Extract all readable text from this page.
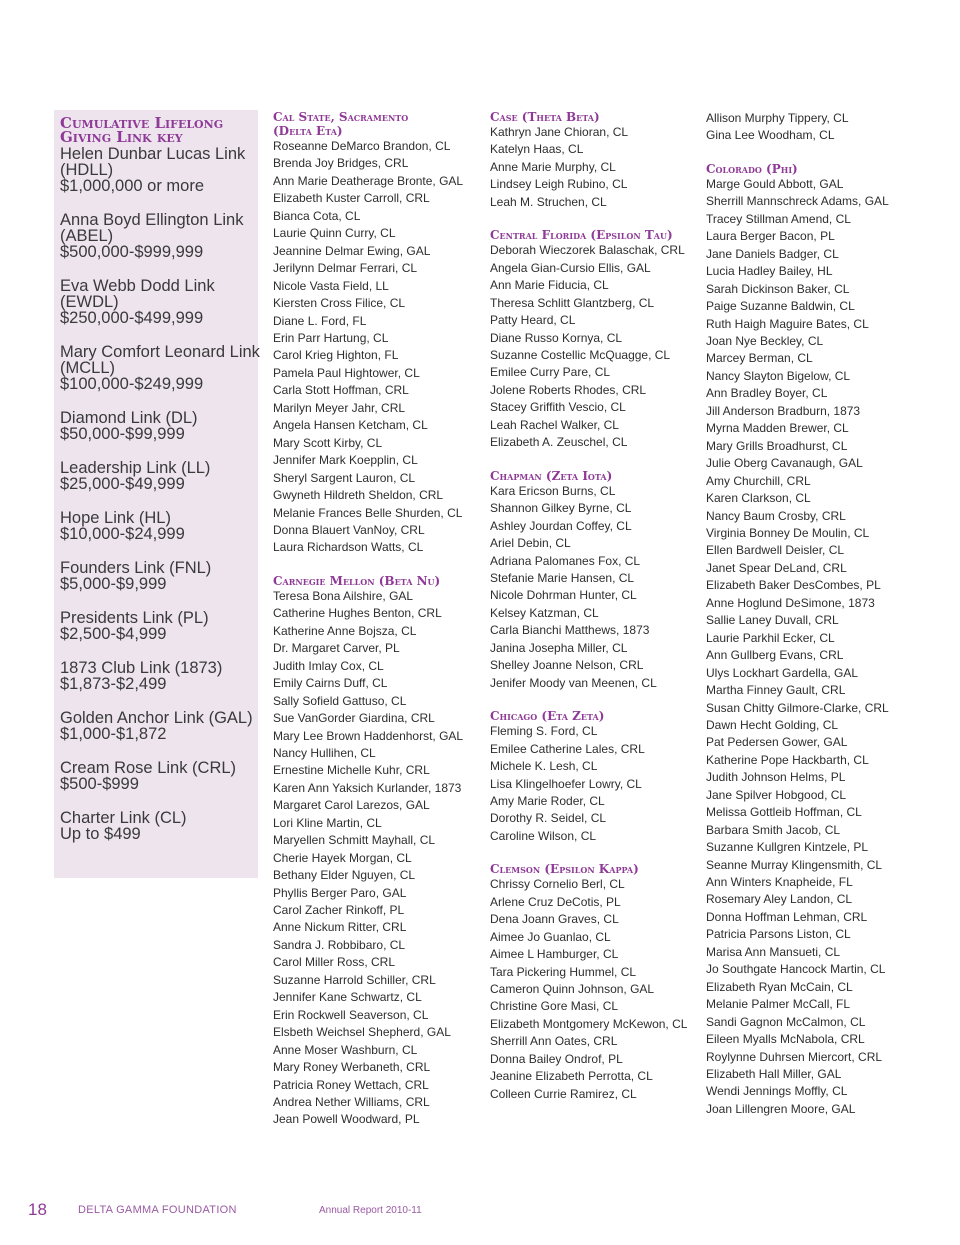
Cumulative Lifelong
Giving Link key
Helen Dunbar Lucas Link
(HDLL)
$1,000,000 or more
Anna Boyd Ellington Link
(ABEL)
$500,000-$999,999
Eva Webb Dodd Link
(EWDL)
$250,000-$499,999
Mary Comfort Leonard Link
(MCLL)
$100,000-$249,999
Diamond Link (DL)
$50,000-$99,999
Leadership Link (LL)
$25,000-$49,999
Hope Link (HL)
$10,000-$24,999
Founders Link (FNL)
$5,000-$9,999
Presidents Link (PL)
$2,500-$4,999
1873 Club Link (1873)
$1,873-$2,499
Golden Anchor Link (GAL)
$1,000-$1,872
Cream Rose Link (CRL)
$500-$999
Charter Link (CL)
Up to $499
Cal State, Sacramento
(Delta Eta)
Roseanne DeMarco Brandon, CL
Brenda Joy Bridges, CRL
Ann Marie Deatherage Bronte, GAL
Elizabeth Kuster Carroll, CRL
Bianca Cota, CL
Laurie Quinn Curry, CL
Jeannine Delmar Ewing, GAL
Jerilynn Delmar Ferrari, CL
Nicole Vasta Field, LL
Kiersten Cross Filice, CL
Diane L. Ford, FL
Erin Parr Hartung, CL
Carol Krieg Highton, FL
Pamela Paul Hightower, CL
Carla Stott Hoffman, CRL
Marilyn Meyer Jahr, CRL
Angela Hansen Ketcham, CL
Mary Scott Kirby, CL
Jennifer Mark Koepplin, CL
Sheryl Sargent Lauron, CL
Gwyneth Hildreth Sheldon, CRL
Melanie Frances Belle Shurden, CL
Donna Blauert VanNoy, CRL
Laura Richardson Watts, CL
Carnegie Mellon (Beta Nu)
Teresa Bona Ailshire, GAL
Catherine Hughes Benton, CRL
Katherine Anne Bojsza, CL
Dr. Margaret Carver, PL
Judith Imlay Cox, CL
Emily Cairns Duff, CL
Sally Sofield Gattuso, CL
Sue VanGorder Giardina, CRL
Mary Lee Brown Haddenhorst, GAL
Nancy Hullihen, CL
Ernestine Michelle Kuhr, CRL
Karen Ann Yaksich Kurlander, 1873
Margaret Carol Larezos, GAL
Lori Kline Martin, CL
Maryellen Schmitt Mayhall, CL
Cherie Hayek Morgan, CL
Bethany Elder Nguyen, CL
Phyllis Berger Paro, GAL
Carol Zacher Rinkoff, PL
Anne Nickum Ritter, CRL
Sandra J. Robbibaro, CL
Carol Miller Ross, CRL
Suzanne Harrold Schiller, CRL
Jennifer Kane Schwartz, CL
Erin Rockwell Seaverson, CL
Elsbeth Weichsel Shepherd, GAL
Anne Moser Washburn, CL
Mary Roney Werbaneth, CRL
Patricia Roney Wettach, CRL
Andrea Nether Williams, CRL
Jean Powell Woodward, PL
Case (Theta Beta)
Kathryn Jane Chioran, CL
Katelyn Haas, CL
Anne Marie Murphy, CL
Lindsey Leigh Rubino, CL
Leah M. Struchen, CL
Central Florida (Epsilon Tau)
Deborah Wieczorek Balaschak, CRL
Angela Gian-Cursio Ellis, GAL
Ann Marie Fiducia, CL
Theresa Schlitt Glantzberg, CL
Patty Heard, CL
Diane Russo Kornya, CL
Suzanne Costellic McQuagge, CL
Emilee Curry Pare, CL
Jolene Roberts Rhodes, CRL
Stacey Griffith Vescio, CL
Leah Rachel Walker, CL
Elizabeth A. Zeuschel, CL
Chapman (Zeta Iota)
Kara Ericson Burns, CL
Shannon Gilkey Byrne, CL
Ashley Jourdan Coffey, CL
Ariel Debin, CL
Adriana Palomanes Fox, CL
Stefanie Marie Hansen, CL
Nicole Dohrman Hunter, CL
Kelsey Katzman, CL
Carla Bianchi Matthews, 1873
Janina Josepha Miller, CL
Shelley Joanne Nelson, CRL
Jenifer Moody van Meenen, CL
Chicago (Eta Zeta)
Fleming S. Ford, CL
Emilee Catherine Lales, CRL
Michele K. Lesh, CL
Lisa Klingelhoefer Lowry, CL
Amy Marie Roder, CL
Dorothy R. Seidel, CL
Caroline Wilson, CL
Clemson (Epsilon Kappa)
Chrissy Cornelio Berl, CL
Arlene Cruz DeCotis, PL
Dena Joann Graves, CL
Aimee Jo Guanlao, CL
Aimee L Hamburger, CL
Tara Pickering Hummel, CL
Cameron Quinn Johnson, GAL
Christine Gore Masi, CL
Elizabeth Montgomery McKewon, CL
Sherrill Ann Oates, CRL
Donna Bailey Ondrof, PL
Jeanine Elizabeth Perrotta, CL
Colleen Currie Ramirez, CL
Allison Murphy Tippery, CL
Gina Lee Woodham, CL
Colorado (Phi)
Marge Gould Abbott, GAL
Sherrill Mannschreck Adams, GAL
Tracey Stillman Amend, CL
Laura Berger Bacon, PL
Jane Daniels Badger, CL
Lucia Hadley Bailey, HL
Sarah Dickinson Baker, CL
Paige Suzanne Baldwin, CL
Ruth Haigh Maguire Bates, CL
Joan Nye Beckley, CL
Marcey Berman, CL
Nancy Slayton Bigelow, CL
Ann Bradley Boyer, CL
Jill Anderson Bradburn, 1873
Myrna Madden Brewer, CL
Mary Grills Broadhurst, CL
Julie Oberg Cavanaugh, GAL
Amy Churchill, CRL
Karen Clarkson, CL
Nancy Baum Crosby, CRL
Virginia Bonney De Moulin, CL
Ellen Bardwell Deisler, CL
Janet Spear DeLand, CRL
Elizabeth Baker DesCombes, PL
Anne Hoglund DeSimone, 1873
Sallie Laney Duvall, CRL
Laurie Parkhil Ecker, CL
Ann Gullberg Evans, CRL
Ulys Lockhart Gardella, GAL
Martha Finney Gault, CRL
Susan Chitty Gilmore-Clarke, CRL
Dawn Hecht Golding, CL
Pat Pedersen Gower, GAL
Katherine Pope Hackbarth, CL
Judith Johnson Helms, PL
Jane Spilver Hobgood, CL
Melissa Gottleib Hoffman, CL
Barbara Smith Jacob, CL
Suzanne Kullgren Kintzele, PL
Seanne Murray Klingensmith, CL
Ann Winters Knapheide, FL
Rosemary Aley Landon, CL
Donna Hoffman Lehman, CRL
Patricia Parsons Liston, CL
Marisa Ann Mansueti, CL
Jo Southgate Hancock Martin, CL
Elizabeth Ryan McCain, CL
Melanie Palmer McCall, FL
Sandi Gagnon McCalmon, CL
Eileen Myalls McNabola, CRL
Roylynne Duhrsen Miercort, CRL
Elizabeth Hall Miller, GAL
Wendi Jennings Moffly, CL
Joan Lillengren Moore, GAL
18	DELTA GAMMA FOUNDATION	Annual Report 2010-11
